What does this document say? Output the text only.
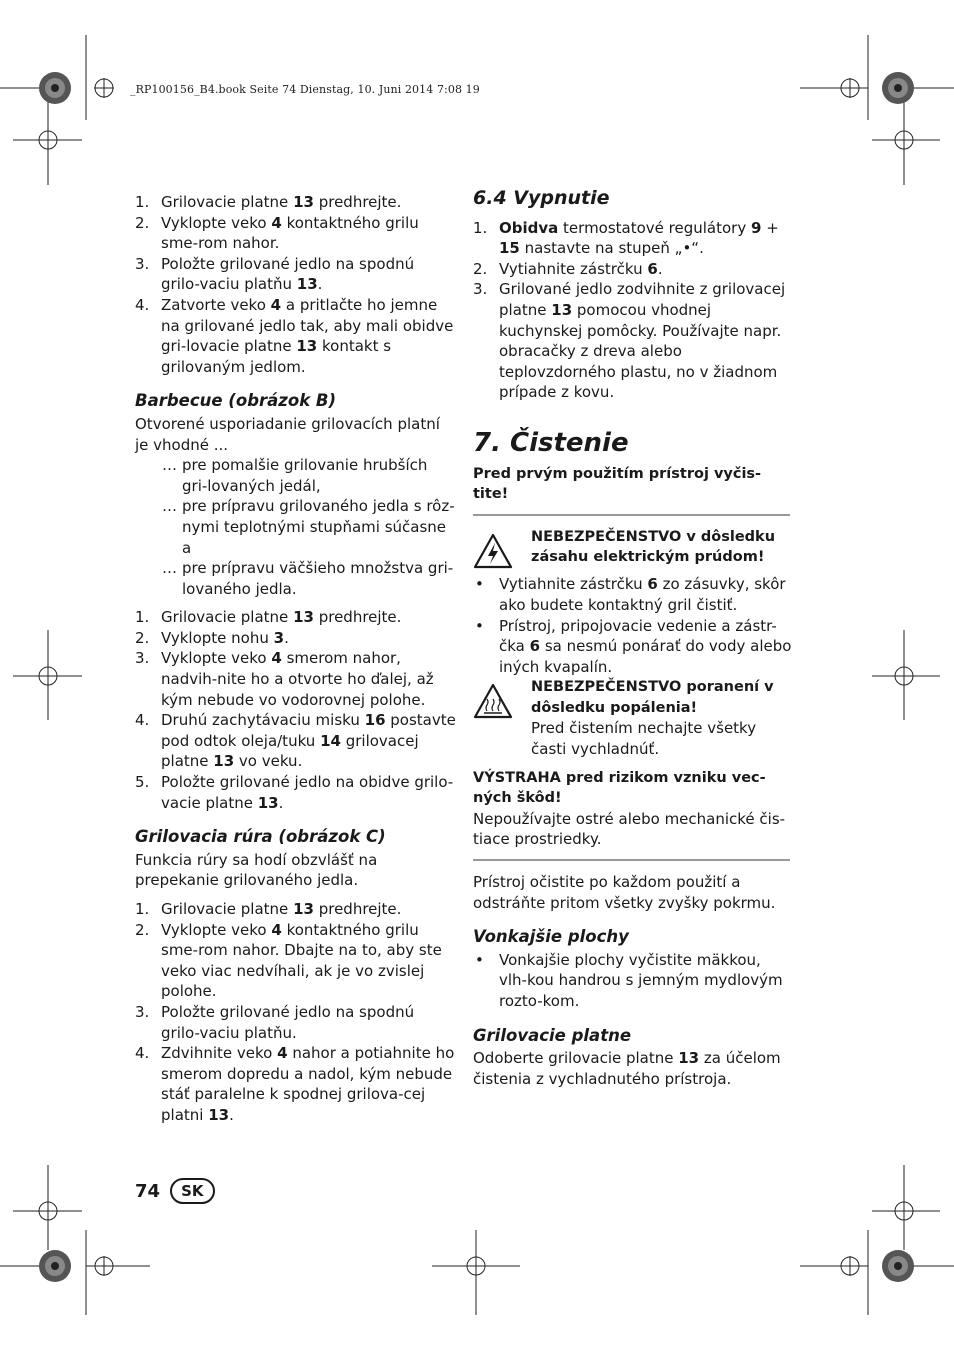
_RP100156_B4.book Seite 74 Dienstag, 10. Juni 2014 7:08 19
1. Grilovacie platne 13 predhrejte.
2. Vyklopte veko 4 kontaktného grilu sme-rom nahor.
3. Položte grilované jedlo na spodnú grilo-vaciu platňu 13.
4. Zatvorte veko 4 a pritlačte ho jemne na grilované jedlo tak, aby mali obidve gri-lovacie platne 13 kontakt s grilovaným jedlom.
Barbecue (obrázok B)
Otvorené usporiadanie grilovacích platní je vhodné ...
… pre pomalšie grilovanie hrubších gri-lovaných jedál,
… pre prípravu grilovaného jedla s rôz-nymi teplotnými stupňami súčasne a
… pre prípravu väčšieho množstva gri-lovaného jedla.
1. Grilovacie platne 13 predhrejte.
2. Vyklopte nohu 3.
3. Vyklopte veko 4 smerom nahor, nadvih-nite ho a otvorte ho ďalej, až kým nebude vo vodorovnej polohe.
4. Druhú zachytávaciu misku 16 postavte pod odtok oleja/tuku 14 grilovacej platne 13 vo veku.
5. Položte grilované jedlo na obidve grilo-vacie platne 13.
Grilovacia rúra (obrázok C)
Funkcia rúry sa hodí obzvlášť na prepekanie grilovaného jedla.
1. Grilovacie platne 13 predhrejte.
2. Vyklopte veko 4 kontaktného grilu sme-rom nahor. Dbajte na to, aby ste veko viac nedvíhali, ak je vo zvislej polohe.
3. Položte grilované jedlo na spodnú grilo-vaciu platňu.
4. Zdvihnite veko 4 nahor a potiahnite ho smerom dopredu a nadol, kým nebude stáť paralelne k spodnej grilova-cej platni 13.
6.4 Vypnutie
1. Obidva termostatové regulátory 9 + 15 nastavte na stupeň „•“.
2. Vytiahnite zástrčku 6.
3. Grilované jedlo zodvihnite z grilovacej platne 13 pomocou vhodnej kuchynskej pomôcky. Používajte napr. obracačky z dreva alebo teplovzdorného plastu, no v žiadnom prípade z kovu.
7. Čistenie
Pred prvým použitím prístroj vyčis-tite!
NEBEZPEČENSTVO v dôsledku zásahu elektrickým prúdom!
•	Vytiahnite zástrčku 6 zo zásuvky, skôr ako budete kontaktný gril čistiť.
•	Prístroj, pripojovacie vedenie a zástr-čka 6 sa nesmú ponárať do vody alebo iných kvapalín.
NEBEZPEČENSTVO poranení v dôsledku popálenia!
Pred čistením nechajte všetky časti vychladnúť.
VÝSTRAHA pred rizikom vzniku vec-ných škôd!
Nepoužívajte ostré alebo mechanické čis-tiace prostriedky.
Prístroj očistite po každom použití a odstráňte pritom všetky zvyšky pokrmu.
Vonkajšie plochy
•	Vonkajšie plochy vyčistite mäkkou, vlh-kou handrou s jemným mydlovým rozto-kom.
Grilovacie platne
Odoberte grilovacie platne 13 za účelom čistenia z vychladnutého prístroja.
74	SK
